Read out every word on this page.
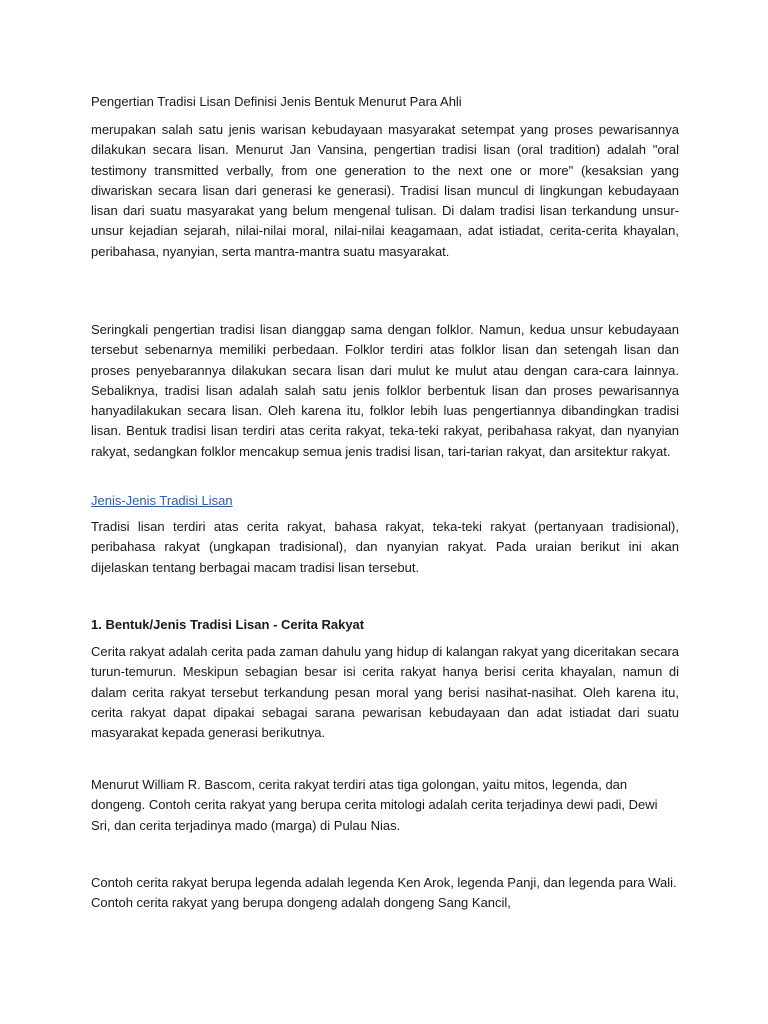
Pengertian Tradisi Lisan Definisi Jenis Bentuk Menurut Para Ahli

merupakan salah satu jenis warisan kebudayaan masyarakat setempat yang proses pewarisannya dilakukan secara lisan. Menurut Jan Vansina, pengertian tradisi lisan (oral tradition) adalah "oral testimony transmitted verbally, from one generation to the next one or more" (kesaksian yang diwariskan secara lisan dari generasi ke generasi). Tradisi lisan muncul di lingkungan kebudayaan lisan dari suatu masyarakat yang belum mengenal tulisan. Di dalam tradisi lisan terkandung unsur-unsur kejadian sejarah, nilai-nilai moral, nilai-nilai keagamaan, adat istiadat, cerita-cerita khayalan, peribahasa, nyanyian, serta mantra-mantra suatu masyarakat.

Seringkali pengertian tradisi lisan dianggap sama dengan folklor. Namun, kedua unsur kebudayaan tersebut sebenarnya memiliki perbedaan. Folklor terdiri atas folklor lisan dan setengah lisan dan proses penyebarannya dilakukan secara lisan dari mulut ke mulut atau dengan cara-cara lainnya. Sebaliknya, tradisi lisan adalah salah satu jenis folklor berbentuk lisan dan proses pewarisannya hanyadilakukan secara lisan. Oleh karena itu, folklor lebih luas pengertiannya dibandingkan tradisi lisan. Bentuk tradisi lisan terdiri atas cerita rakyat, teka-teki rakyat, peribahasa rakyat, dan nyanyian rakyat, sedangkan folklor mencakup semua jenis tradisi lisan, tari-tarian rakyat, dan arsitektur rakyat.

Jenis-Jenis Tradisi Lisan

Tradisi lisan terdiri atas cerita rakyat, bahasa rakyat, teka-teki rakyat (pertanyaan tradisional), peribahasa rakyat (ungkapan tradisional), dan nyanyian rakyat. Pada uraian berikut ini akan dijelaskan tentang berbagai macam tradisi lisan tersebut.

1. Bentuk/Jenis Tradisi Lisan - Cerita Rakyat

Cerita rakyat adalah cerita pada zaman dahulu yang hidup di kalangan rakyat yang diceritakan secara turun-temurun. Meskipun sebagian besar isi cerita rakyat hanya berisi cerita khayalan, namun di dalam cerita rakyat tersebut terkandung pesan moral yang berisi nasihat-nasihat. Oleh karena itu, cerita rakyat dapat dipakai sebagai sarana pewarisan kebudayaan dan adat istiadat dari suatu masyarakat kepada generasi berikutnya.

Menurut William R. Bascom, cerita rakyat terdiri atas tiga golongan, yaitu mitos, legenda, dan dongeng. Contoh cerita rakyat yang berupa cerita mitologi adalah cerita terjadinya dewi padi, Dewi Sri, dan cerita terjadinya mado (marga) di Pulau Nias.

Contoh cerita rakyat berupa legenda adalah legenda Ken Arok, legenda Panji, dan legenda para Wali. Contoh cerita rakyat yang berupa dongeng adalah dongeng Sang Kancil,
